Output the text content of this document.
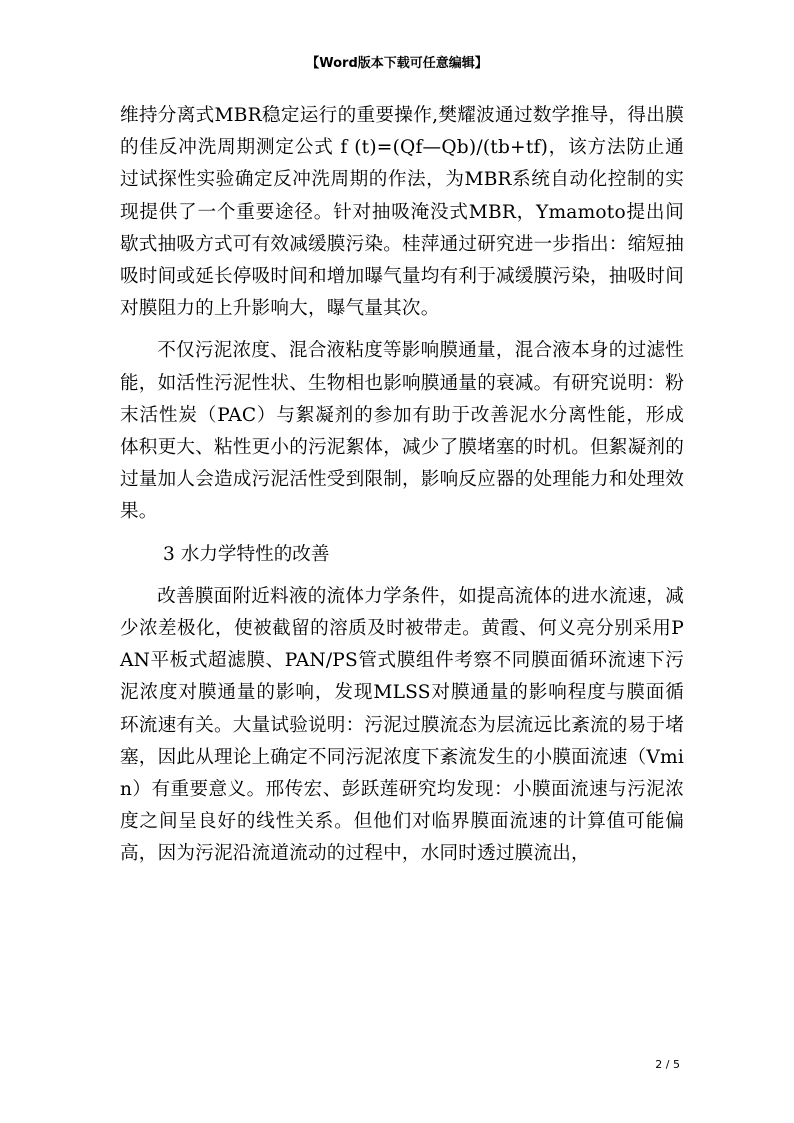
【Word版本下载可任意编辑】

维持分离式MBR稳定运行的重要操作,樊耀波通过数学推导，得出膜的佳反冲洗周期测定公式 f (t)=(Qf—Qb)/(tb+tf)，该方法防止通过试探性实验确定反冲洗周期的作法，为MBR系统自动化控制的实现提供了一个重要途径。针对抽吸淹没式MBR，Ymamoto提出间歇式抽吸方式可有效减缓膜污染。桂萍通过研究进一步指出：缩短抽吸时间或延长停吸时间和增加曝气量均有利于减缓膜污染，抽吸时间对膜阻力的上升影响大，曝气量其次。

不仅污泥浓度、混合液粘度等影响膜通量，混合液本身的过滤性能，如活性污泥性状、生物相也影响膜通量的衰减。有研究说明：粉末活性炭（PAC）与絮凝剂的参加有助于改善泥水分离性能，形成体积更大、粘性更小的污泥絮体，减少了膜堵塞的时机。但絮凝剂的过量加人会造成污泥活性受到限制，影响反应器的处理能力和处理效果。

3 水力学特性的改善

改善膜面附近料液的流体力学条件，如提高流体的进水流速，减少浓差极化，使被截留的溶质及时被带走。黄霞、何义亮分别采用PAN平板式超滤膜、PAN/PS管式膜组件考察不同膜面循环流速下污泥浓度对膜通量的影响，发现MLSS对膜通量的影响程度与膜面循环流速有关。大量试验说明：污泥过膜流态为层流远比紊流的易于堵塞，因此从理论上确定不同污泥浓度下紊流发生的小膜面流速（Vmin）有重要意义。邢传宏、彭跃莲研究均发现：小膜面流速与污泥浓度之间呈良好的线性关系。但他们对临界膜面流速的计算值可能偏高，因为污泥沿流道流动的过程中，水同时透过膜流出，

2 / 5
